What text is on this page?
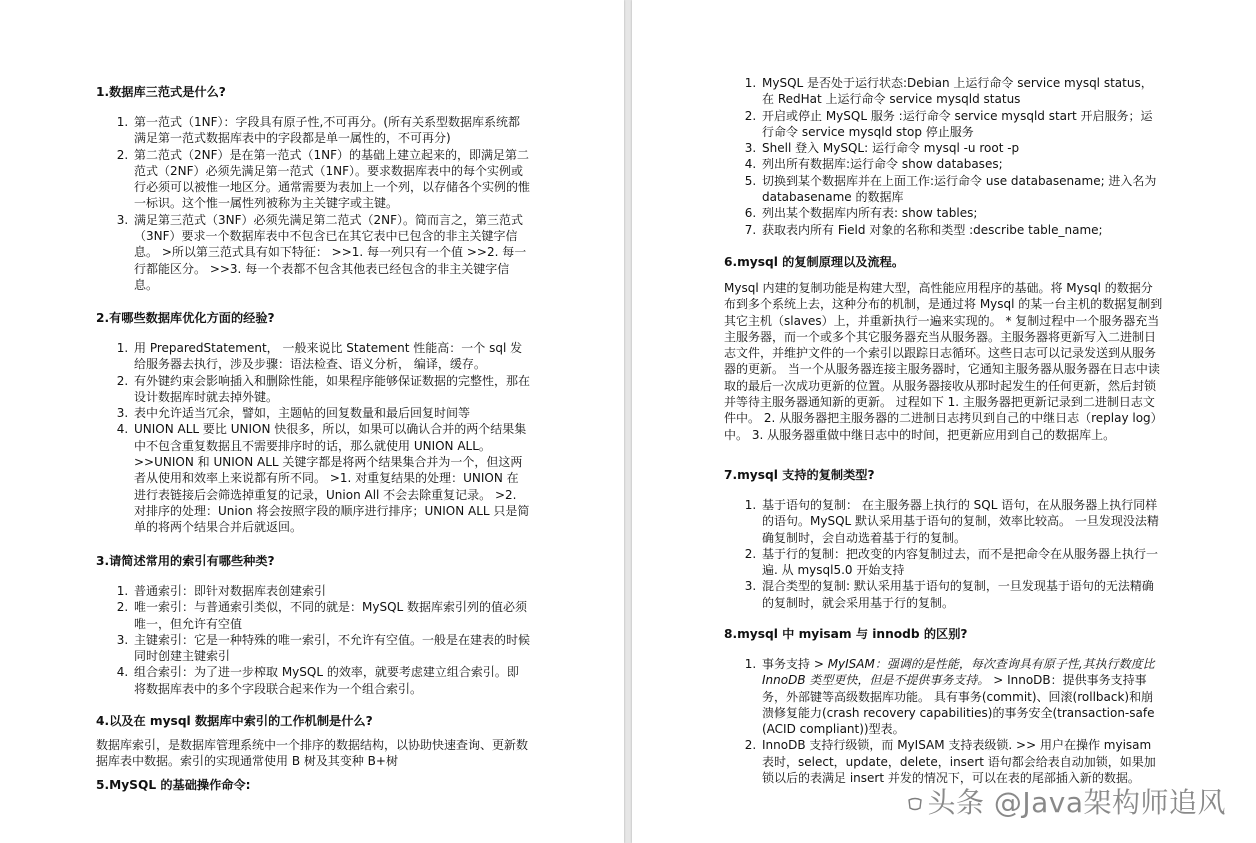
1.数据库三范式是什么?
1. 第一范式（1NF）：字段具有原子性,不可再分。(所有关系型数据库系统都满足第一范式数据库表中的字段都是单一属性的，不可再分)
2. 第二范式（2NF）是在第一范式（1NF）的基础上建立起来的，即满足第二范式（2NF）必须先满足第一范式（1NF）。要求数据库表中的每个实例或行必须可以被惟一地区分。通常需要为表加上一个列，以存储各个实例的惟一标识。这个惟一属性列被称为主关键字或主键。
3. 满足第三范式（3NF）必须先满足第二范式（2NF）。简而言之，第三范式（3NF）要求一个数据库表中不包含已在其它表中已包含的非主关键字信息。 >所以第三范式具有如下特征： >>1. 每一列只有一个值 >>2. 每一行都能区分。 >>3. 每一个表都不包含其他表已经包含的非主关键字信息。
2.有哪些数据库优化方面的经验?
1. 用 PreparedStatement， 一般来说比 Statement 性能高：一个 sql 发给服务器去执行，涉及步骤：语法检查、语义分析， 编译，缓存。
2. 有外键约束会影响插入和删除性能，如果程序能够保证数据的完整性，那在设计数据库时就去掉外键。
3. 表中允许适当冗余，譬如，主题帖的回复数量和最后回复时间等
4. UNION ALL 要比 UNION 快很多，所以，如果可以确认合并的两个结果集中不包含重复数据且不需要排序时的话，那么就使用 UNION ALL。 >>UNION 和 UNION ALL 关键字都是将两个结果集合并为一个，但这两者从使用和效率上来说都有所不同。 >1. 对重复结果的处理：UNION 在进行表链接后会筛选掉重复的记录，Union All 不会去除重复记录。 >2. 对排序的处理：Union 将会按照字段的顺序进行排序；UNION ALL 只是简单的将两个结果合并后就返回。
3.请简述常用的索引有哪些种类?
1. 普通索引：即针对数据库表创建索引
2. 唯一索引：与普通索引类似，不同的就是：MySQL 数据库索引列的值必须唯一，但允许有空值
3. 主键索引：它是一种特殊的唯一索引，不允许有空值。一般是在建表的时候同时创建主键索引
4. 组合索引：为了进一步榨取 MySQL 的效率，就要考虑建立组合索引。即将数据库表中的多个字段联合起来作为一个组合索引。
4.以及在 mysql 数据库中索引的工作机制是什么?

数据库索引，是数据库管理系统中一个排序的数据结构，以协助快速查询、更新数据库表中数据。索引的实现通常使用 B 树及其变种 B+树

5.MySQL 的基础操作命令:
1. MySQL 是否处于运行状态:Debian 上运行命令 service mysql status，在 RedHat 上运行命令 service mysqld status
2. 开启或停止 MySQL 服务 :运行命令 service mysqld start 开启服务；运行命令 service mysqld stop 停止服务
3. Shell 登入 MySQL: 运行命令 mysql -u root -p
4. 列出所有数据库:运行命令 show databases;
5. 切换到某个数据库并在上面工作:运行命令 use databasename; 进入名为 databasename 的数据库
6. 列出某个数据库内所有表: show tables;
7. 获取表内所有 Field 对象的名称和类型 :describe table_name;
6.mysql 的复制原理以及流程。

Mysql 内建的复制功能是构建大型，高性能应用程序的基础。将 Mysql 的数据分布到多个系统上去，这种分布的机制，是通过将 Mysql 的某一台主机的数据复制到其它主机（slaves）上，并重新执行一遍来实现的。 * 复制过程中一个服务器充当主服务器，而一个或多个其它服务器充当从服务器。主服务器将更新写入二进制日志文件，并维护文件的一个索引以跟踪日志循环。这些日志可以记录发送到从服务器的更新。 当一个从服务器连接主服务器时，它通知主服务器从服务器在日志中读取的最后一次成功更新的位置。从服务器接收从那时起发生的任何更新，然后封锁并等待主服务器通知新的更新。 过程如下 1. 主服务器把更新记录到二进制日志文件中。 2. 从服务器把主服务器的二进制日志拷贝到自己的中继日志（replay log）中。 3. 从服务器重做中继日志中的时间，把更新应用到自己的数据库上。

7.mysql 支持的复制类型?
1. 基于语句的复制： 在主服务器上执行的 SQL 语句，在从服务器上执行同样的语句。MySQL 默认采用基于语句的复制，效率比较高。 一旦发现没法精确复制时，会自动选着基于行的复制。
2. 基于行的复制：把改变的内容复制过去，而不是把命令在从服务器上执行一遍. 从 mysql5.0 开始支持
3. 混合类型的复制: 默认采用基于语句的复制，一旦发现基于语句的无法精确的复制时，就会采用基于行的复制。
8.mysql 中 myisam 与 innodb 的区别?
1. 事务支持 > MyISAM：强调的是性能，每次查询具有原子性,其执行数度比 InnoDB 类型更快，但是不提供事务支持。 > InnoDB：提供事务支持事务，外部键等高级数据库功能。 具有事务(commit)、回滚(rollback)和崩溃修复能力(crash recovery capabilities)的事务安全(transaction-safe (ACID compliant))型表。
2. InnoDB 支持行级锁，而 MyISAM 支持表级锁. >> 用户在操作 myisam 表时，select，update，delete，insert 语句都会给表自动加锁，如果加锁以后的表满足 insert 并发的情况下，可以在表的尾部插入新的数据。
头条 @Java架构师追风
